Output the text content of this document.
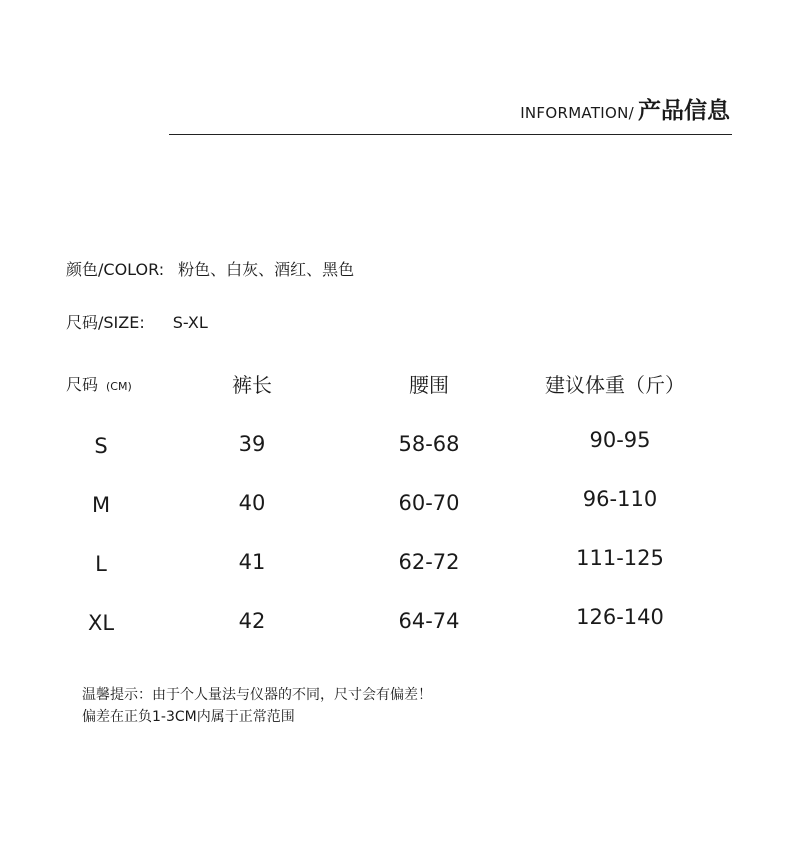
INFORMATION/ 产品信息
颜色/COLOR: 粉色、白灰、酒红、黑色
尺码/SIZE: S-XL
尺码 (CM)	裤长	腰围	建议体重（斤）
S	39	58-68	90-95
M	40	60-70	96-110
L	41	62-72	111-125
XL	42	64-74	126-140
温馨提示：由于个人量法与仪器的不同，尺寸会有偏差！
偏差在正负1-3CM内属于正常范围
